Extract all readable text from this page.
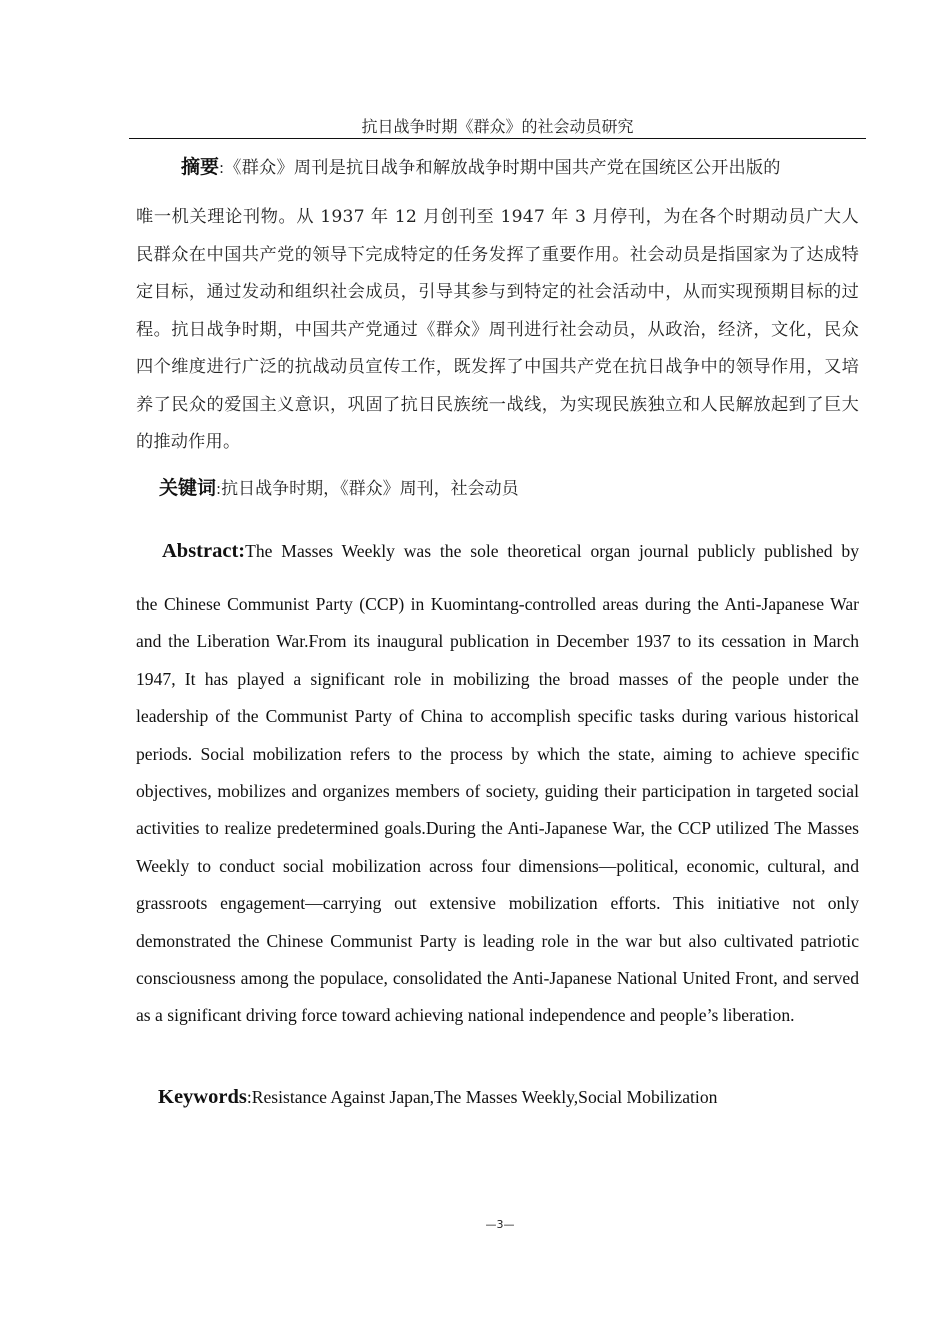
抗日战争时期《群众》的社会动员研究
摘要:《群众》周刊是抗日战争和解放战争时期中国共产党在国统区公开出版的

唯一机关理论刊物。从 1937 年 12 月创刊至 1947 年 3 月停刊，为在各个时期动员广大人民群众在中国共产党的领导下完成特定的任务发挥了重要作用。社会动员是指国家为了达成特定目标，通过发动和组织社会成员，引导其参与到特定的社会活动中，从而实现预期目标的过程。抗日战争时期，中国共产党通过《群众》周刊进行社会动员，从政治，经济，文化，民众四个维度进行广泛的抗战动员宣传工作，既发挥了中国共产党在抗日战争中的领导作用，又培养了民众的爱国主义意识，巩固了抗日民族统一战线，为实现民族独立和人民解放起到了巨大的推动作用。

关键词:抗日战争时期，《群众》周刊，社会动员

Abstract:The Masses Weekly was the sole theoretical organ journal publicly published by

the Chinese Communist Party (CCP) in Kuomintang-controlled areas during the Anti-Japanese War and the Liberation War.From its inaugural publication in December 1937 to its cessation in March 1947, It has played a significant role in mobilizing the broad masses of the people under the leadership of the Communist Party of China to accomplish specific tasks during various historical periods. Social mobilization refers to the process by which the state, aiming to achieve specific objectives, mobilizes and organizes members of society, guiding their participation in targeted social activities to realize predetermined goals.During the Anti-Japanese War, the CCP utilized The Masses Weekly to conduct social mobilization across four dimensions—political, economic, cultural, and grassroots engagement—carrying out extensive mobilization efforts. This initiative not only demonstrated the Chinese Communist Party is leading role in the war but also cultivated patriotic consciousness among the populace, consolidated the Anti-Japanese National United Front, and served as a significant driving force toward achieving national independence and people’s liberation.

Keywords:Resistance Against Japan,The Masses Weekly,Social Mobilization
—3—
